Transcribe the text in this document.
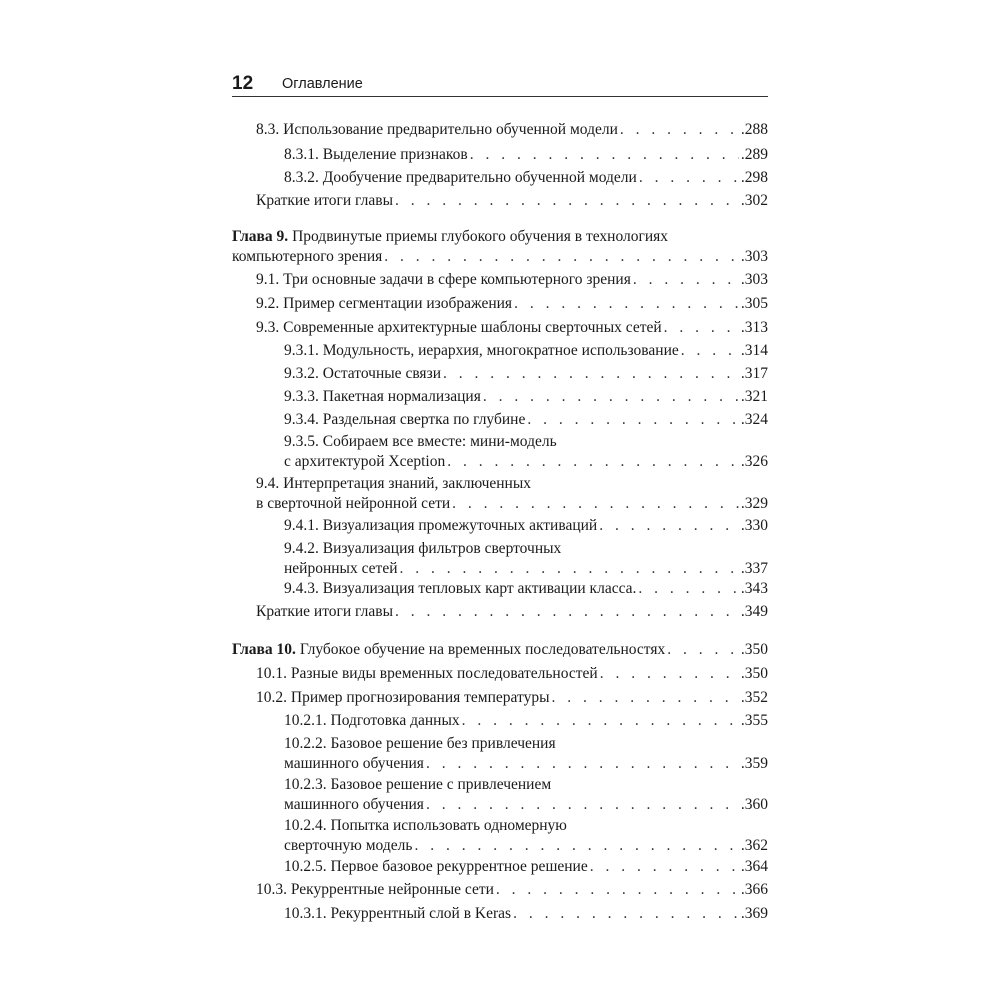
12 Оглавление
8.3. Использование предварительно обученной модели . . .	.288
8.3.1. Выделение признаков . . .	.289
8.3.2. Дообучение предварительно обученной модели . . .	.298
Краткие итоги главы . . .	.302
Глава 9. Продвинутые приемы глубокого обучения в технологиях
компьютерного зрения . . .	.303
9.1. Три основные задачи в сфере компьютерного зрения . . .	.303
9.2. Пример сегментации изображения . . .	.305
9.3. Современные архитектурные шаблоны сверточных сетей . . .	.313
9.3.1. Модульность, иерархия, многократное использование . . .	.314
9.3.2. Остаточные связи . . .	.317
9.3.3. Пакетная нормализация . . .	.321
9.3.4. Раздельная свертка по глубине . . .	.324
9.3.5. Собираем все вместе: мини-модель
с архитектурой Xception . . .	.326
9.4. Интерпретация знаний, заключенных
в сверточной нейронной сети . . .	.329
9.4.1. Визуализация промежуточных активаций . . .	.330
9.4.2. Визуализация фильтров сверточных
нейронных сетей . . .	.337
9.4.3. Визуализация тепловых карт активации класса. . . .	.343
Краткие итоги главы . . .	.349
Глава 10. Глубокое обучение на временных последовательностях . . .	.350
10.1. Разные виды временных последовательностей . . .	.350
10.2. Пример прогнозирования температуры . . .	.352
10.2.1. Подготовка данных . . .	.355
10.2.2. Базовое решение без привлечения
машинного обучения . . .	.359
10.2.3. Базовое решение с привлечением
машинного обучения . . .	.360
10.2.4. Попытка использовать одномерную
сверточную модель . . .	.362
10.2.5. Первое базовое рекуррентное решение . . .	.364
10.3. Рекуррентные нейронные сети . . .	.366
10.3.1. Рекуррентный слой в Keras . . .	.369
